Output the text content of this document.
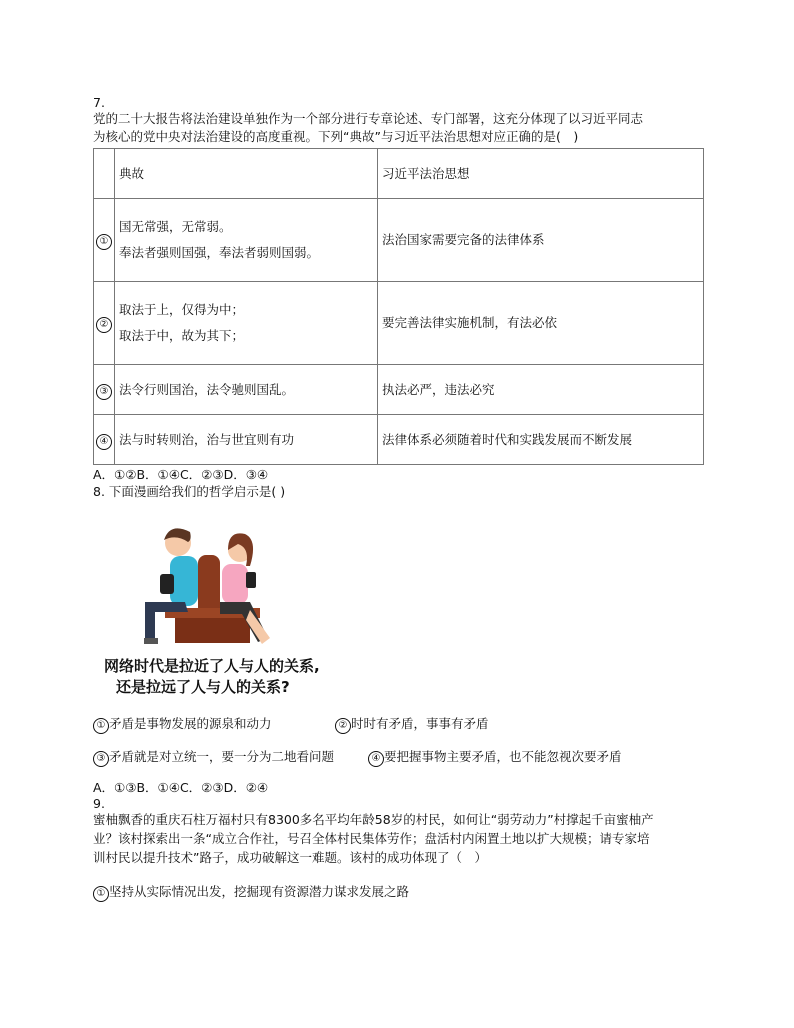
7.
党的二十大报告将法治建设单独作为一个部分进行专章论述、专门部署，这充分体现了以习近平同志
为核心的党中央对法治建设的高度重视。下列“典故”与习近平法治思想对应正确的是(　)
	典故	习近平法治思想
①	国无常强，无常弱。
奉法者强则国强，奉法者弱则国弱。	法治国家需要完备的法律体系
②	取法于上，仅得为中；
取法于中，故为其下；	要完善法律实施机制，有法必依
③	法令行则国治，法令驰则国乱。	执法必严，违法必究
④	法与时转则治，治与世宜则有功	法律体系必须随着时代和实践发展而不断发展
A．①②B．①④C．②③D．③④
8. 下面漫画给我们的哲学启示是( )
网络时代是拉近了人与人的关系,
还是拉远了人与人的关系?
① 矛盾是事物发展的源泉和动力	② 时时有矛盾，事事有矛盾
③ 矛盾就是对立统一，要一分为二地看问题	④ 要把握事物主要矛盾，也不能忽视次要矛盾
A．①③B．①④C．②③D．②④
9.
蜜柚飘香的重庆石柱万福村只有8300多名平均年龄58岁的村民，如何让“弱劳动力”村撑起千亩蜜柚产
业？该村探索出一条“成立合作社，号召全体村民集体劳作；盘活村内闲置土地以扩大规模；请专家培
训村民以提升技术”路子，成功破解这一难题。该村的成功体现了（　）
① 坚持从实际情况出发，挖掘现有资源潜力谋求发展之路
